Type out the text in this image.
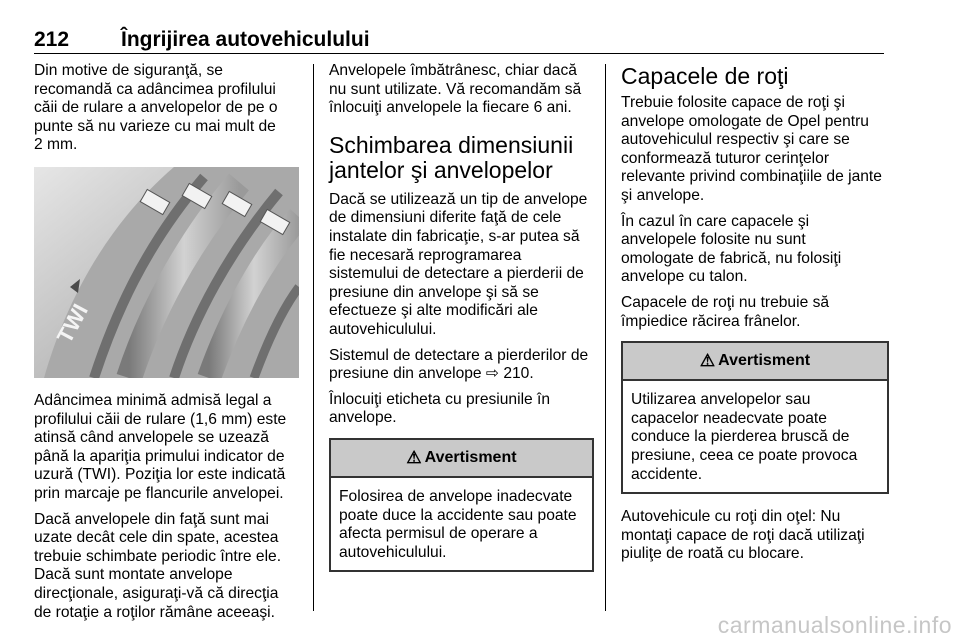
212 Îngrijirea autovehiculului

Din motive de siguranţă, se
recomandă ca adâncimea profilului
căii de rulare a anvelopelor de pe o
punte să nu varieze cu mai mult de
2 mm.

TWI

Adâncimea minimă admisă legal a
profilului căii de rulare (1,6 mm) este
atinsă când anvelopele se uzează
până la apariţia primului indicator de
uzură (TWI). Poziţia lor este indicată
prin marcaje pe flancurile anvelopei.

Dacă anvelopele din faţă sunt mai
uzate decât cele din spate, acestea
trebuie schimbate periodic între ele.
Dacă sunt montate anvelope
direcţionale, asiguraţi-vă că direcţia
de rotaţie a roţilor rămâne aceeaşi.

Anvelopele îmbătrânesc, chiar dacă
nu sunt utilizate. Vă recomandăm să
înlocuiţi anvelopele la fiecare 6 ani.

Schimbarea dimensiunii
jantelor şi anvelopelor

Dacă se utilizează un tip de anvelope
de dimensiuni diferite faţă de cele
instalate din fabricaţie, s-ar putea să
fie necesară reprogramarea
sistemului de detectare a pierderii de
presiune din anvelope şi să se
efectueze şi alte modificări ale
autovehiculului.

Sistemul de detectare a pierderilor de
presiune din anvelope ⇨ 210.

Înlocuiţi eticheta cu presiunile în
anvelope.

⚠ Avertisment
Folosirea de anvelope inadecvate
poate duce la accidente sau poate
afecta permisul de operare a
autovehiculului.
Capacele de roţi

Trebuie folosite capace de roţi şi
anvelope omologate de Opel pentru
autovehiculul respectiv şi care se
conformează tuturor cerinţelor
relevante privind combinaţiile de jante
şi anvelope.

În cazul în care capacele şi
anvelopele folosite nu sunt
omologate de fabrică, nu folosiţi
anvelope cu talon.

Capacele de roţi nu trebuie să
împiedice răcirea frânelor.

⚠ Avertisment
Utilizarea anvelopelor sau
capacelor neadecvate poate
conduce la pierderea bruscă de
presiune, ceea ce poate provoca
accidente.

Autovehicule cu roţi din oţel: Nu
montaţi capace de roţi dacă utilizaţi
piuliţe de roată cu blocare.

carmanualsonline.info
